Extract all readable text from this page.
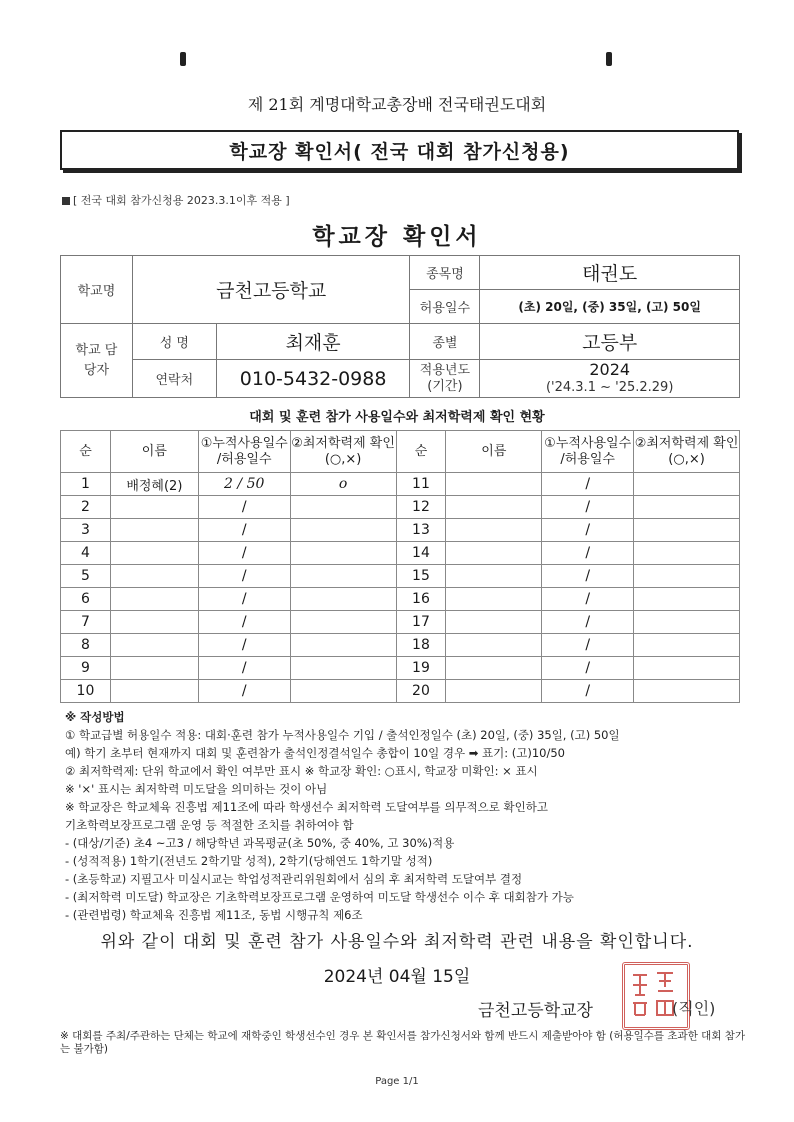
제 21회 계명대학교총장배 전국태권도대회
학교장 확인서( 전국 대회 참가신청용)
[ 전국 대회 참가신청용 2023.3.1이후 적용 ]
학교장 확인서
학교명	금천고등학교		종목명	태권도
			허용일수	(초) 20일, (중) 35일, (고) 50일
학교 담당자	성 명	최재훈	종별	고등부
	연락처	010-5432-0988	적용년도 (기간)	2024
('24.3.1 ~ '25.2.29)
대회 및 훈련 참가 사용일수와 최저학력제 확인 현황
순	이름	①누적사용일수 /허용일수	②최저학력제 확인(○,×)	순	이름	①누적사용일수 /허용일수	②최저학력제 확인(○,×)
1	배정혜(2)	2 / 50	o	11		/	
2		/		12		/	
3		/		13		/	
4		/		14		/	
5		/		15		/	
6		/		16		/	
7		/		17		/	
8		/		18		/	
9		/		19		/	
10		/		20		/	

※ 작성방법

① 학교급별 허용일수 적용: 대회·훈련 참가 누적사용일수 기입 / 출석인정일수 (초) 20일, (중) 35일, (고) 50일

예) 학기 초부터 현재까지 대회 및 훈련참가 출석인정결석일수 총합이 10일 경우 ➡ 표기: (고)10/50

② 최저학력제: 단위 학교에서 확인 여부만 표시 ※ 학교장 확인: ○표시, 학교장 미확인: × 표시

※ '×' 표시는 최저학력 미도달을 의미하는 것이 아님

※ 학교장은 학교체육 진흥법 제11조에 따라 학생선수 최저학력 도달여부를 의무적으로 확인하고

기초학력보장프로그램 운영 등 적절한 조치를 취하여야 함

- (대상/기준) 초4 ~고3 / 해당학년 과목평균(초 50%, 중 40%, 고 30%)적용

- (성적적용) 1학기(전년도 2학기말 성적), 2학기(당해연도 1학기말 성적)

- (초등학교) 지필고사 미실시교는 학업성적관리위원회에서 심의 후 최저학력 도달여부 결정

- (최저학력 미도달) 학교장은 기초학력보장프로그램 운영하여 미도달 학생선수 이수 후 대회참가 가능

- (관련법령) 학교체육 진흥법 제11조, 동법 시행규칙 제6조

위와 같이 대회 및 훈련 참가 사용일수와 최저학력 관련 내용을 확인합니다.
2024년 04월 15일
금천고등학교장	(직인)
※ 대회를 주최/주관하는 단체는 학교에 재학중인 학생선수인 경우 본 확인서를 참가신청서와 함께 반드시 제출받아야 함 (허용일수를 초과한 대회 참가는 불가함)
Page 1/1
